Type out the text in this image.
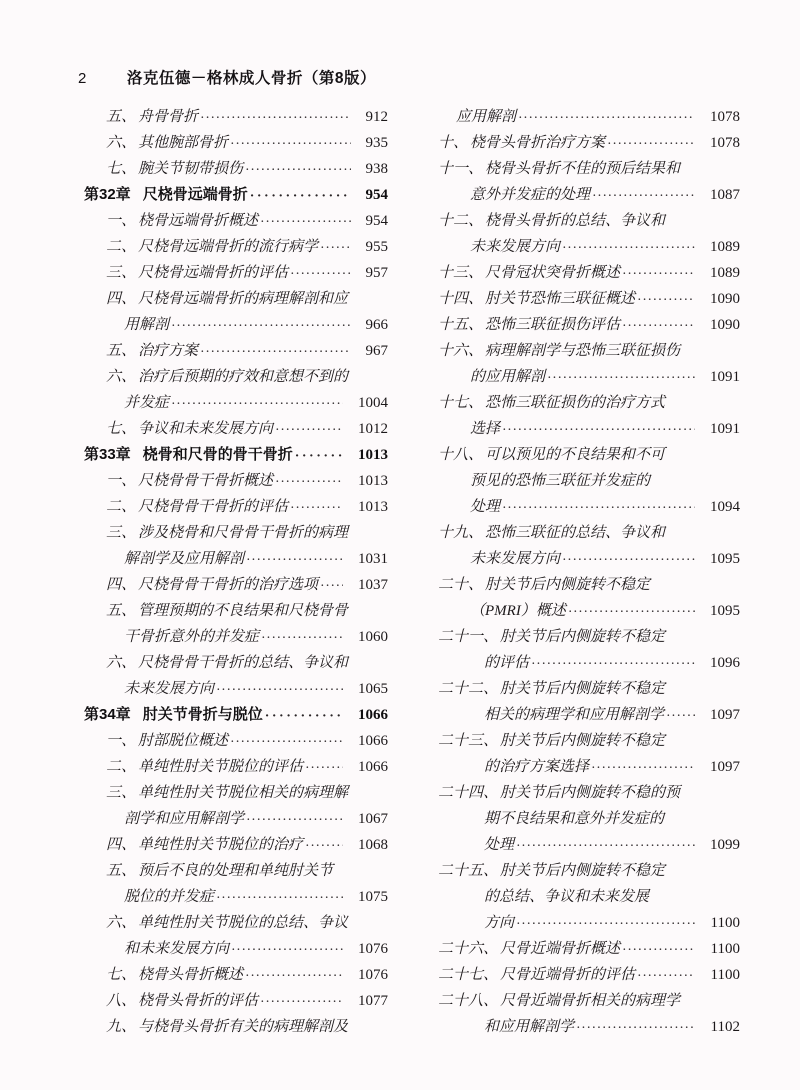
2	洛克伍德－格林成人骨折（第8版）
五、 舟骨骨折 ·····	912
六、 其他腕部骨折 ·····	935
七、 腕关节韧带损伤 ·····	938
第32章 尺桡骨远端骨折 ·····	954
一、 桡骨远端骨折概述 ·····	954
二、 尺桡骨远端骨折的流行病学 ·····	955
三、 尺桡骨远端骨折的评估 ·····	957
四、 尺桡骨远端骨折的病理解剖和应
用解剖 ·····	966
五、 治疗方案 ·····	967
六、 治疗后预期的疗效和意想不到的
并发症 ·····	1004
七、 争议和未来发展方向 ·····	1012
第33章 桡骨和尺骨的骨干骨折 ·····	1013
一、 尺桡骨骨干骨折概述 ·····	1013
二、 尺桡骨骨干骨折的评估 ·····	1013
三、 涉及桡骨和尺骨骨干骨折的病理
解剖学及应用解剖 ·····	1031
四、 尺桡骨骨干骨折的治疗选项 ·····	1037
五、 管理预期的不良结果和尺桡骨骨
干骨折意外的并发症 ·····	1060
六、 尺桡骨骨干骨折的总结、争议和
未来发展方向 ·····	1065
第34章 肘关节骨折与脱位 ·····	1066
一、 肘部脱位概述 ·····	1066
二、 单纯性肘关节脱位的评估 ·····	1066
三、 单纯性肘关节脱位相关的病理解
剖学和应用解剖学 ·····	1067
四、 单纯性肘关节脱位的治疗 ·····	1068
五、 预后不良的处理和单纯肘关节
脱位的并发症 ·····	1075
六、 单纯性肘关节脱位的总结、争议
和未来发展方向 ·····	1076
七、 桡骨头骨折概述 ·····	1076
八、 桡骨头骨折的评估 ·····	1077
九、 与桡骨头骨折有关的病理解剖及
应用解剖 ·····	1078
十、 桡骨头骨折治疗方案 ·····	1078
十一、 桡骨头骨折不佳的预后结果和
意外并发症的处理 ·····	1087
十二、 桡骨头骨折的总结、争议和
未来发展方向 ·····	1089
十三、 尺骨冠状突骨折概述 ·····	1089
十四、 肘关节恐怖三联征概述 ·····	1090
十五、 恐怖三联征损伤评估 ·····	1090
十六、 病理解剖学与恐怖三联征损伤
的应用解剖 ·····	1091
十七、 恐怖三联征损伤的治疗方式
选择 ·····	1091
十八、 可以预见的不良结果和不可
预见的恐怖三联征并发症的
处理 ·····	1094
十九、 恐怖三联征的总结、争议和
未来发展方向 ·····	1095
二十、 肘关节后内侧旋转不稳定
（PMRI）概述 ·····	1095
二十一、 肘关节后内侧旋转不稳定
的评估 ·····	1096
二十二、 肘关节后内侧旋转不稳定
相关的病理学和应用解剖学 ·····	1097
二十三、 肘关节后内侧旋转不稳定
的治疗方案选择 ·····	1097
二十四、 肘关节后内侧旋转不稳的预
期不良结果和意外并发症的
处理 ·····	1099
二十五、 肘关节后内侧旋转不稳定
的总结、争议和未来发展
方向 ·····	1100
二十六、 尺骨近端骨折概述 ·····	1100
二十七、 尺骨近端骨折的评估 ·····	1100
二十八、 尺骨近端骨折相关的病理学
和应用解剖学 ·····	1102
